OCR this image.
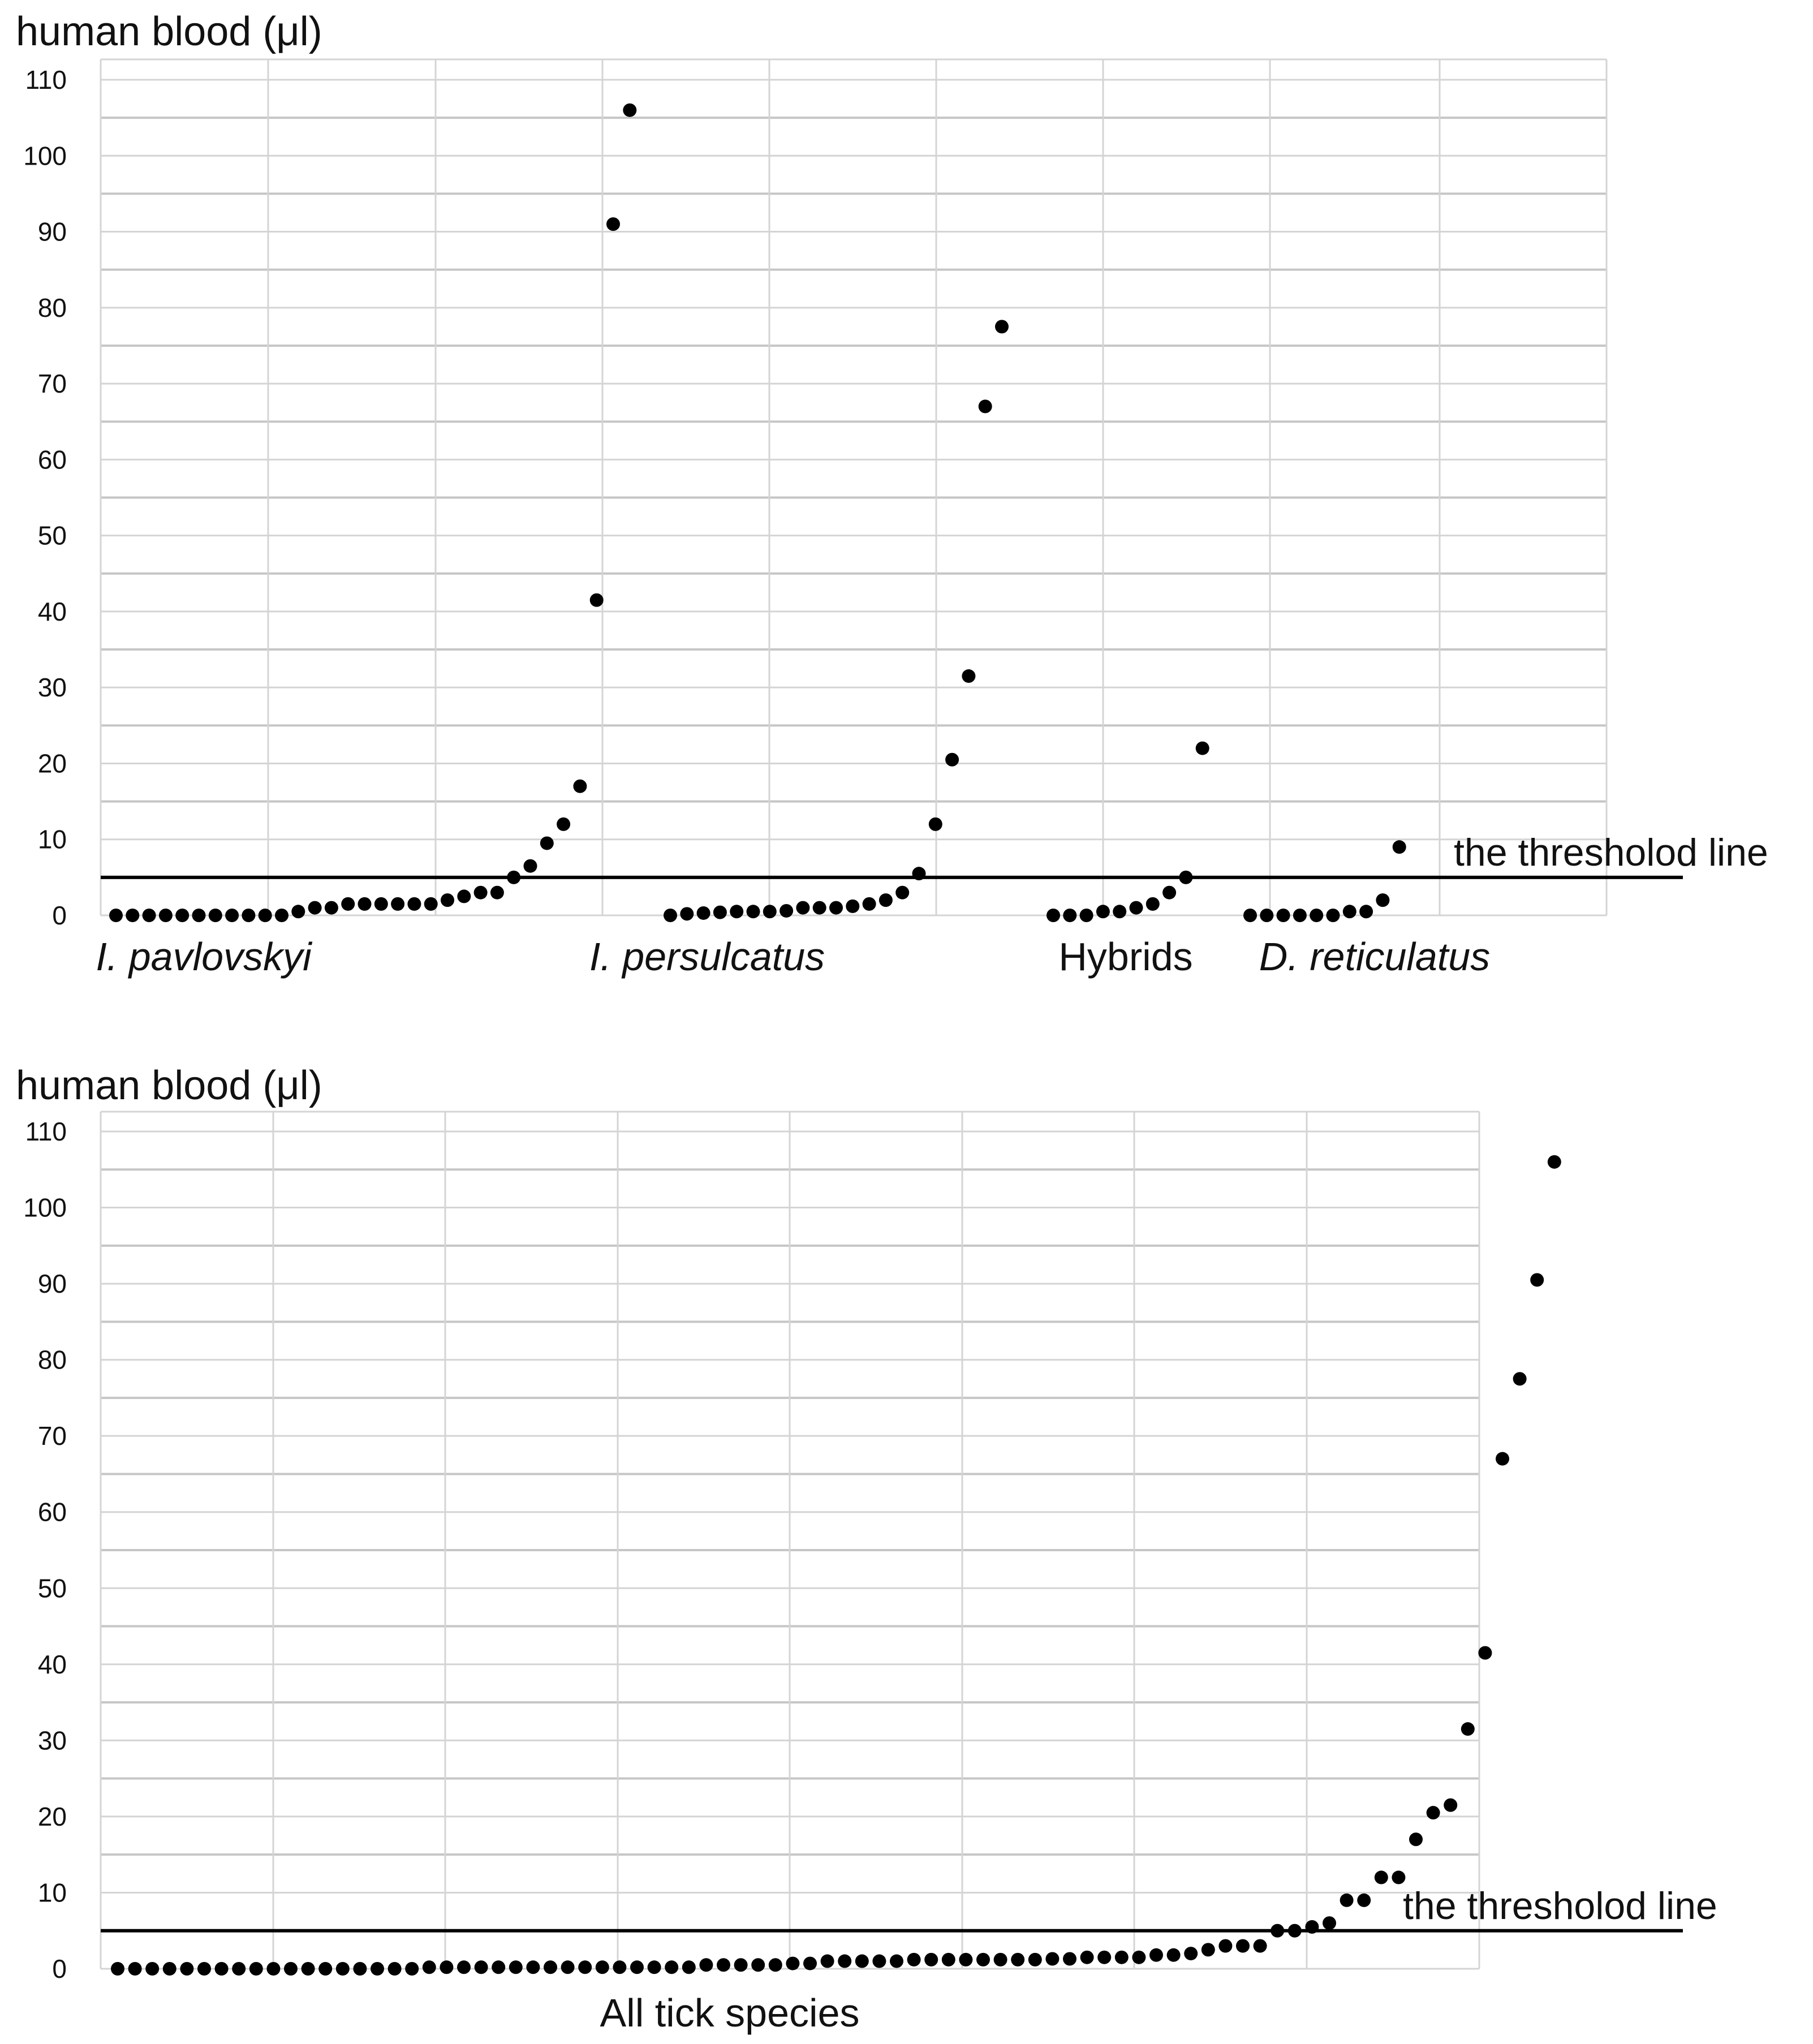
human blood (μl)
0
10
20
30
40
50
60
70
80
90
100
110
the thresholod line
I. pavlovskyi	I. persulcatus	Hybrids D. reticulatus
human blood (μl)
0
10
20
30
40
50
60
70
80
90
100
110
the thresholod line
All tick species
